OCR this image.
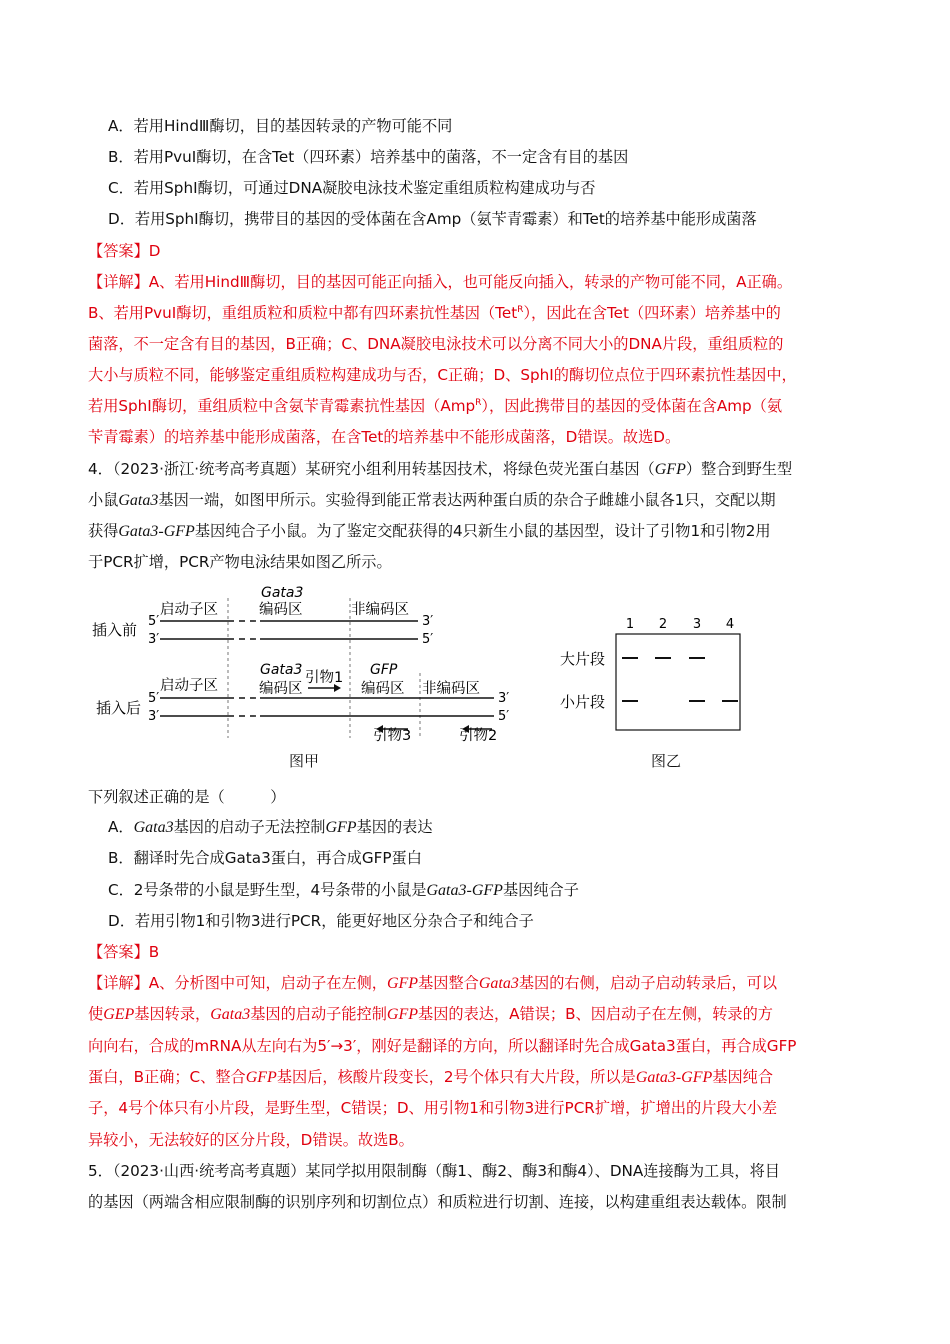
A．若用HindⅢ酶切，目的基因转录的产物可能不同
B．若用PvuI酶切，在含Tet（四环素）培养基中的菌落，不一定含有目的基因
C．若用SphI酶切，可通过DNA凝胶电泳技术鉴定重组质粒构建成功与否
D．若用SphI酶切，携带目的基因的受体菌在含Amp（氨苄青霉素）和Tet的培养基中能形成菌落
【答案】D
【详解】A、若用HindⅢ酶切，目的基因可能正向插入，也可能反向插入，转录的产物可能不同，A正确。
B、若用PvuI酶切，重组质粒和质粒中都有四环素抗性基因（Tet$^R$），因此在含Tet（四环素）培养基中的
菌落，不一定含有目的基因，B正确；C、DNA凝胶电泳技术可以分离不同大小的DNA片段，重组质粒的
大小与质粒不同，能够鉴定重组质粒构建成功与否，C正确；D、SphI的酶切位点位于四环素抗性基因中，
若用SphI酶切，重组质粒中含氨苄青霉素抗性基因（Amp$^R$），因此携带目的基因的受体菌在含Amp（氨
苄青霉素）的培养基中能形成菌落，在含Tet的培养基中不能形成菌落，D错误。故选D。
4．（2023·浙江·统考高考真题）某研究小组利用转基因技术，将绿色荧光蛋白基因（GFP）整合到野生型
小鼠Gata3基因一端，如图甲所示。实验得到能正常表达两种蛋白质的杂合子雌雄小鼠各1只，交配以期
获得Gata3-GFP基因纯合子小鼠。为了鉴定交配获得的4只新生小鼠的基因型，设计了引物1和引物2用
于PCR扩增，PCR产物电泳结果如图乙所示。
启动子区
Gata3
编码区	非编码区
插入前 5′
3′
3′
5′
启动子区
Gata3
编码区
引物1 GFP
编码区 非编码区
插入后
5′
3′
3′
5′
引物3	引物2
图甲
1 2 3 4
大片段
小片段
图乙
下列叙述正确的是（　　　）
A．Gata3基因的启动子无法控制GFP基因的表达
B．翻译时先合成Gata3蛋白，再合成GFP蛋白
C．2号条带的小鼠是野生型，4号条带的小鼠是Gata3-GFP基因纯合子
D．若用引物1和引物3进行PCR，能更好地区分杂合子和纯合子
【答案】B
【详解】A、分析图中可知，启动子在左侧，GFP基因整合Gata3基因的右侧，启动子启动转录后，可以
使GEP基因转录，Gata3基因的启动子能控制GFP基因的表达，A错误；B、因启动子在左侧，转录的方
向向右，合成的mRNA从左向右为5′→3′，刚好是翻译的方向，所以翻译时先合成Gata3蛋白，再合成GFP
蛋白，B正确；C、整合GFP基因后，核酸片段变长，2号个体只有大片段，所以是Gata3-GFP基因纯合
子，4号个体只有小片段，是野生型，C错误；D、用引物1和引物3进行PCR扩增，扩增出的片段大小差
异较小，无法较好的区分片段，D错误。故选B。
5．（2023·山西·统考高考真题）某同学拟用限制酶（酶1、酶2、酶3和酶4）、DNA连接酶为工具，将目
的基因（两端含相应限制酶的识别序列和切割位点）和质粒进行切割、连接，以构建重组表达载体。限制
